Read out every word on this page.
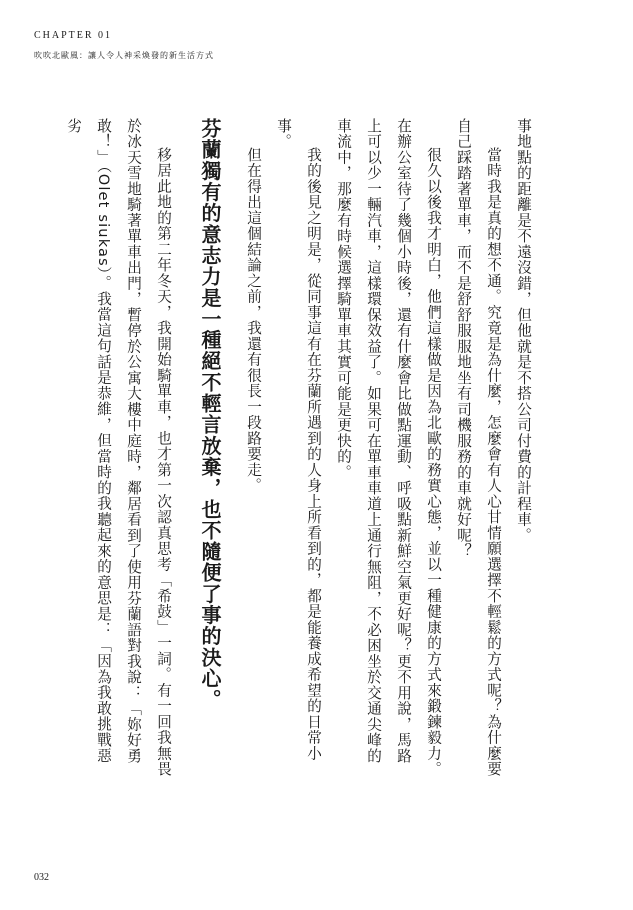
CHAPTER 01
吹吹北歐風：讓人令人神采煥發的新生活方式

事地點的距離是不遠沒錯，但他就是不搭公司付費的計程車。

當時我是真的想不通。究竟是為什麼，怎麼會有人心甘情願選擇不輕鬆的方式呢？為什麼要自己踩踏著單車，而不是舒舒服服地坐有司機服務的車就好呢？

很久以後我才明白，他們這樣做是因為北歐的務實心態，並以一種健康的方式來鍛鍊毅力。在辦公室待了幾個小時後，還有什麼會比做點運動、呼吸點新鮮空氣更好呢？更不用說，馬路上可以少一輛汽車，這樣環保效益了。如果可在單車車道上通行無阻，不必困坐於交通尖峰的車流中，那麼有時候選擇騎單車其實可能是更快的。

我的後見之明是，從同事這有在芬蘭所遇到的人身上所看到的，都是能養成希望的日常小事。

但在得出這個結論之前，我還有很長一段路要走。

芬蘭獨有的意志力是一種絕不輕言放棄，也不隨便了事的決心。

移居此地的第二年冬天，我開始騎單車，也才第一次認真思考「希鼓」一詞。有一回我無畏於冰天雪地騎著單車出門，暫停於公寓大樓中庭時，鄰居看到了使用芬蘭語對我說：「妳好勇敢！」（Olet siukas）。我當這句話是恭維，但當時的我聽起來的意思是：「因為我敢挑戰惡劣

032
